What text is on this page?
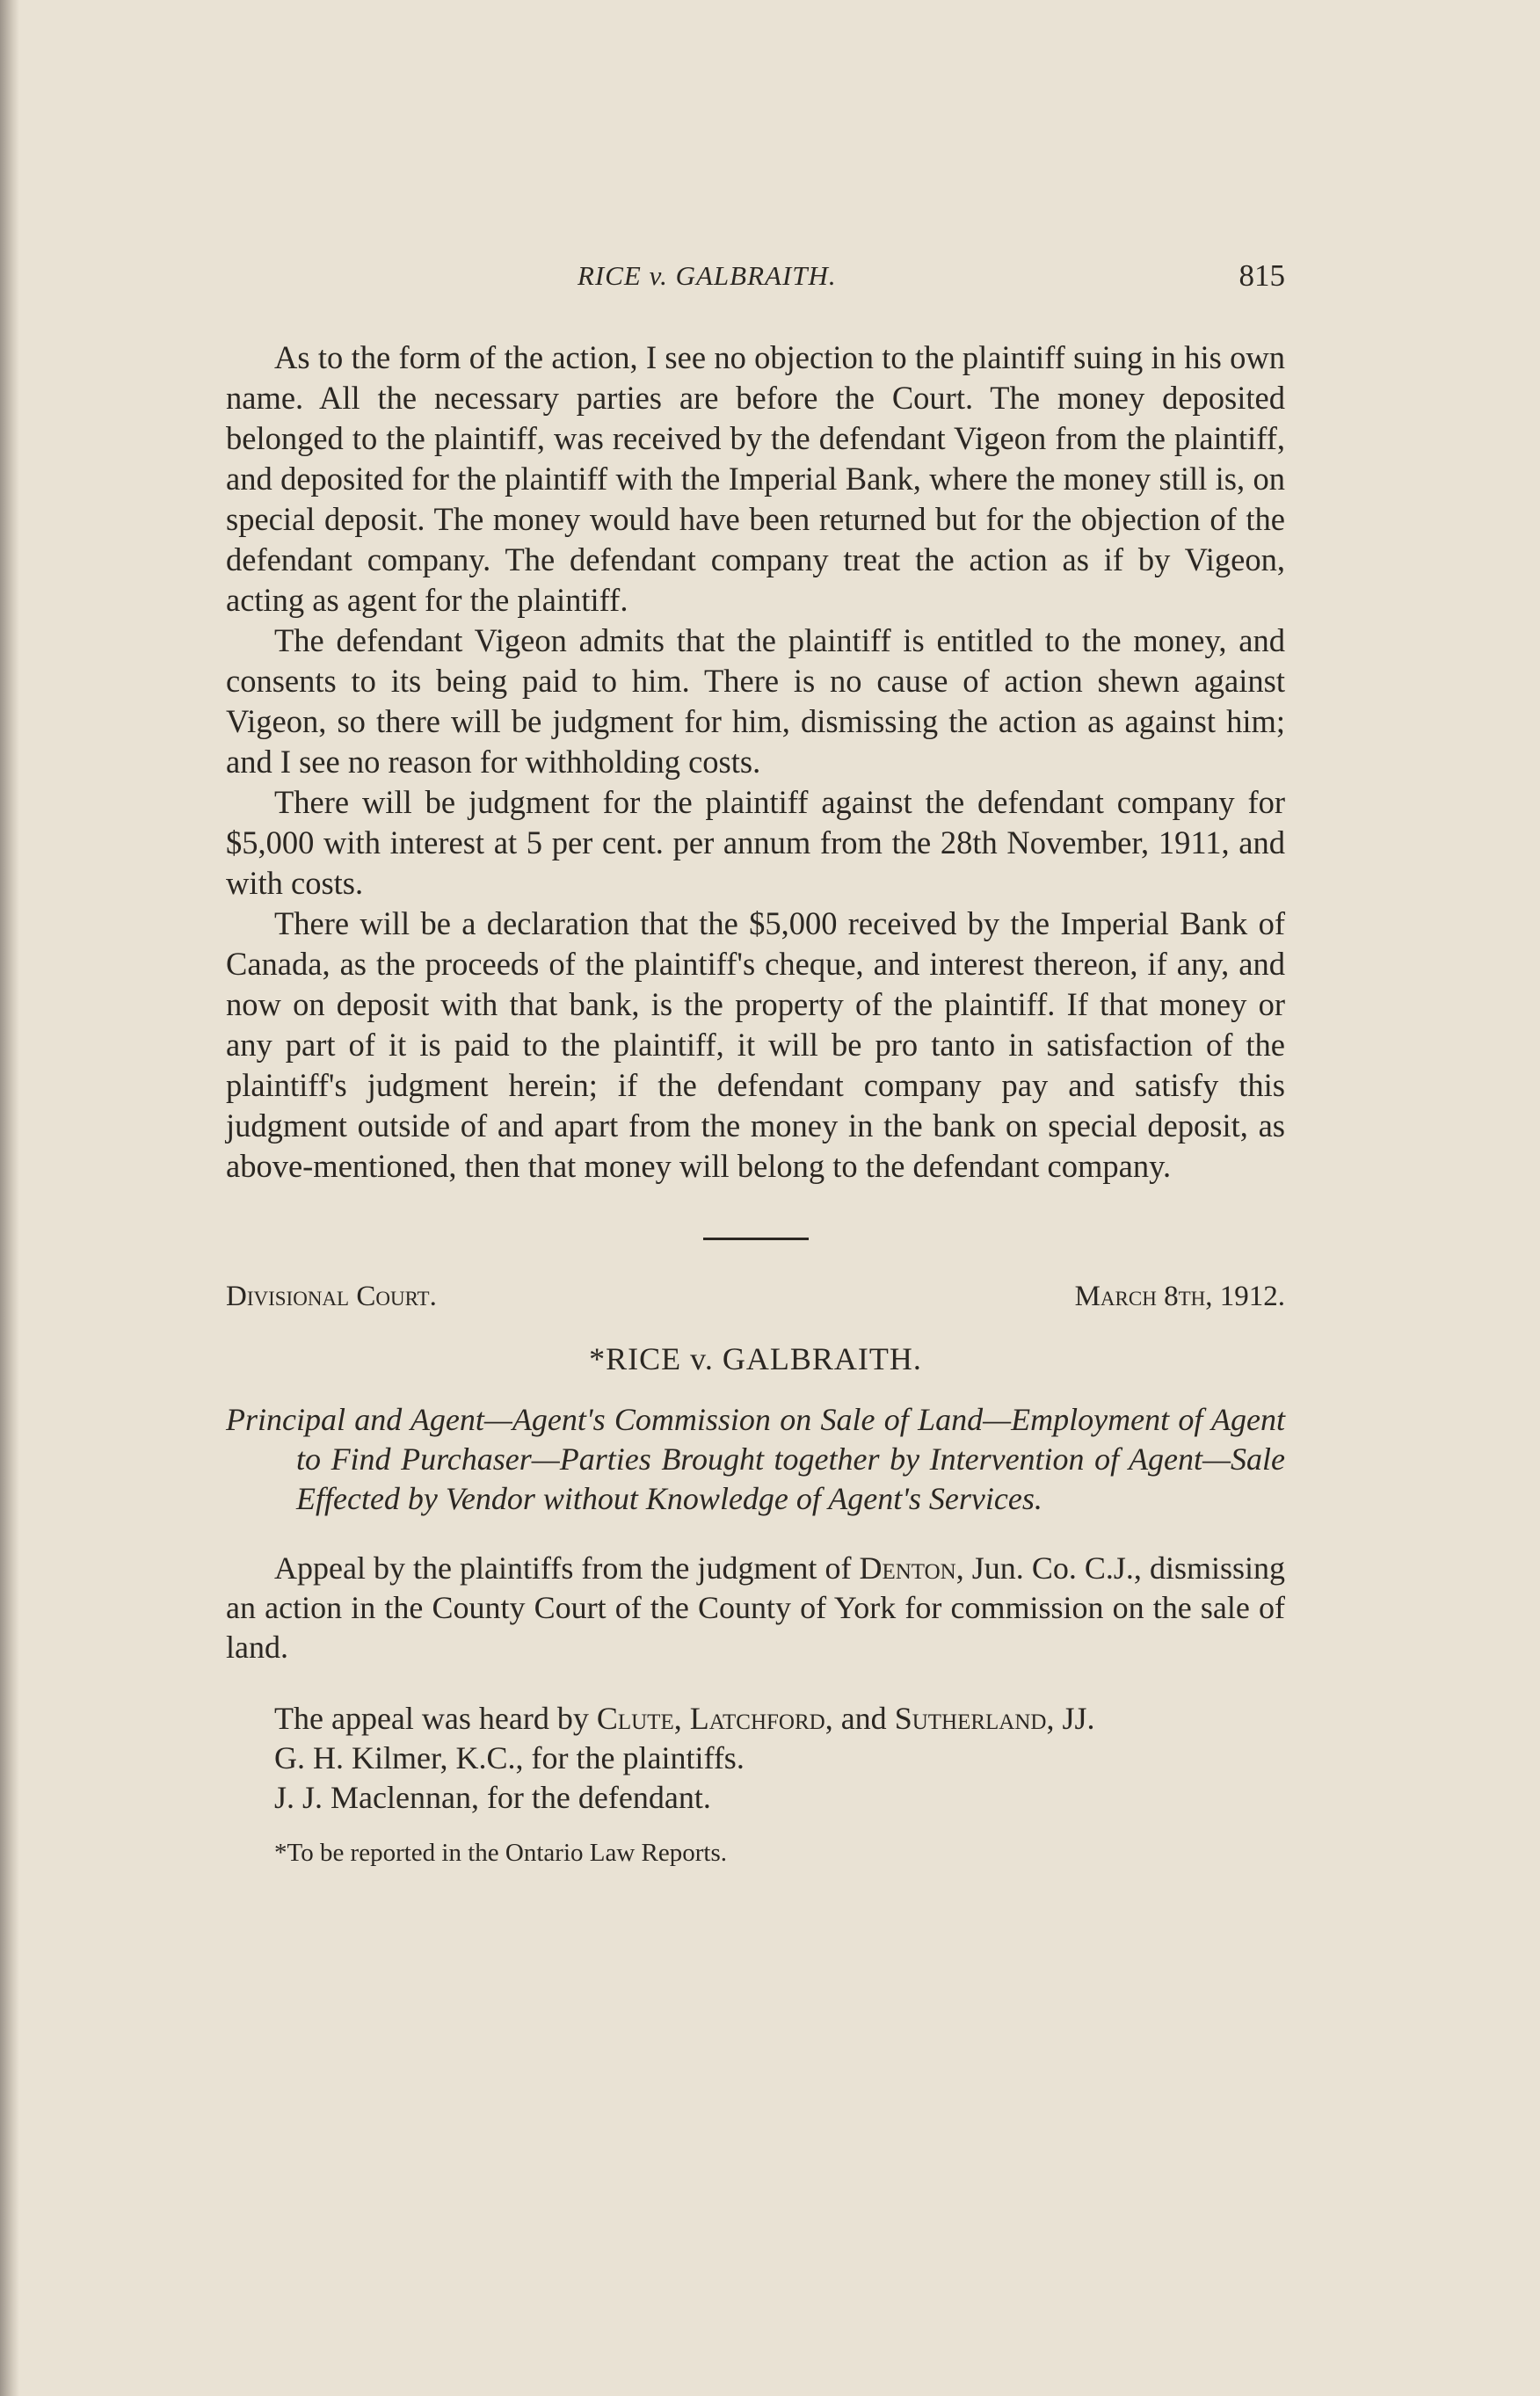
RICE v. GALBRAITH.	815

As to the form of the action, I see no objection to the plaintiff suing in his own name. All the necessary parties are before the Court. The money deposited belonged to the plaintiff, was received by the defendant Vigeon from the plaintiff, and deposited for the plaintiff with the Imperial Bank, where the money still is, on special deposit. The money would have been returned but for the objection of the defendant company. The defendant company treat the action as if by Vigeon, acting as agent for the plaintiff.

The defendant Vigeon admits that the plaintiff is entitled to the money, and consents to its being paid to him. There is no cause of action shewn against Vigeon, so there will be judgment for him, dismissing the action as against him; and I see no reason for withholding costs.

There will be judgment for the plaintiff against the defendant company for $5,000 with interest at 5 per cent. per annum from the 28th November, 1911, and with costs.

There will be a declaration that the $5,000 received by the Imperial Bank of Canada, as the proceeds of the plaintiff's cheque, and interest thereon, if any, and now on deposit with that bank, is the property of the plaintiff. If that money or any part of it is paid to the plaintiff, it will be pro tanto in satisfaction of the plaintiff's judgment herein; if the defendant company pay and satisfy this judgment outside of and apart from the money in the bank on special deposit, as above-mentioned, then that money will belong to the defendant company.

Divisional Court.	March 8th, 1912.
*RICE v. GALBRAITH.
Principal and Agent—Agent's Commission on Sale of Land—Employment of Agent to Find Purchaser—Parties Brought together by Intervention of Agent—Sale Effected by Vendor without Knowledge of Agent's Services.
Appeal by the plaintiffs from the judgment of Denton, Jun. Co. C.J., dismissing an action in the County Court of the County of York for commission on the sale of land.
The appeal was heard by Clute, Latchford, and Sutherland, JJ.
G. H. Kilmer, K.C., for the plaintiffs.
J. J. Maclennan, for the defendant.
*To be reported in the Ontario Law Reports.
